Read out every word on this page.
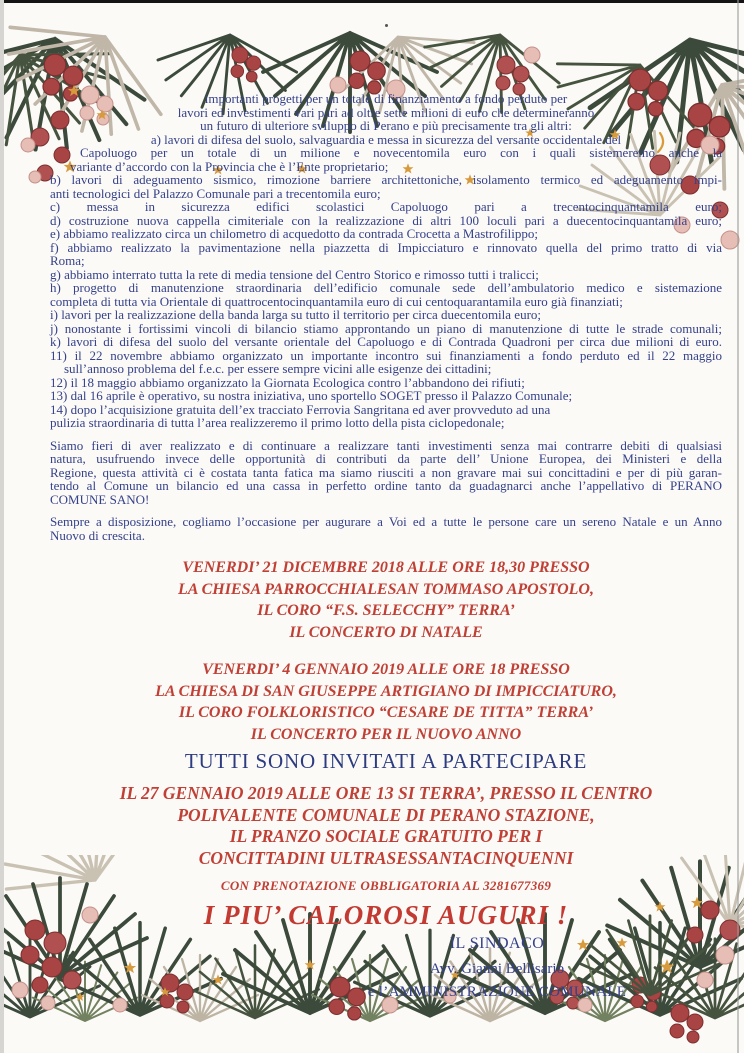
importanti progetti per un totale di finanziamento a fondo perduto per
lavori ed investimenti vari pari ad oltre sette milioni di euro che determineranno
un futuro di ulteriore sviluppo di Perano e più precisamente tra gli altri:
a) lavori di difesa del suolo, salvaguardia e messa in sicurezza del versante occidentale del
Capoluogo per un totale di un milione e novecentomila euro con i quali sistemeremo anche la
variante d’accordo con la Provincia che è l’Ente proprietario;
b) lavori di adeguamento sismico, rimozione barriere architettoniche, isolamento termico ed adeguamento impi-
anti tecnologici del Palazzo Comunale pari a trecentomila euro;
c) messa in sicurezza edifici scolastici Capoluogo pari a trecentocinquantamila euro;
d) costruzione nuova cappella cimiteriale con la realizzazione di altri 100 loculi pari a duecentocinquantamila euro;
e) abbiamo realizzato circa un chilometro di acquedotto da contrada Crocetta a Mastrofilippo;
f) abbiamo realizzato la pavimentazione nella piazzetta di Impicciaturo e rinnovato quella del primo tratto di via
Roma;
g) abbiamo interrato tutta la rete di media tensione del Centro Storico e rimosso tutti i tralicci;
h) progetto di manutenzione straordinaria dell’edificio comunale sede dell’ambulatorio medico e sistemazione
completa di tutta via Orientale di quattrocentocinquantamila euro di cui centoquarantamila euro già finanziati;
i) lavori per la realizzazione della banda larga su tutto il territorio per circa duecentomila euro;
j) nonostante i fortissimi vincoli di bilancio stiamo approntando un piano di manutenzione di tutte le strade comunali;
k) lavori di difesa del suolo del versante orientale del Capoluogo e di Contrada Quadroni per circa due milioni di euro.
11) il 22 novembre abbiamo organizzato un importante incontro sui finanziamenti a fondo perduto ed il 22 maggio
sull’annoso problema del f.e.c. per essere sempre vicini alle esigenze dei cittadini;
12) il 18 maggio abbiamo organizzato la Giornata Ecologica contro l’abbandono dei rifiuti;
13) dal 16 aprile è operativo, su nostra iniziativa, uno sportello SOGET presso il Palazzo Comunale;
14) dopo l’acquisizione gratuita dell’ex tracciato Ferrovia Sangritana ed aver provveduto ad una
pulizia straordinaria di tutta l’area realizzeremo il primo lotto della pista ciclopedonale;
Siamo fieri di aver realizzato e di continuare a realizzare tanti investimenti senza mai contrarre debiti di qualsiasi
natura, usufruendo invece delle opportunità di contributi da parte dell’ Unione Europea, dei Ministeri e della
Regione, questa attività ci è costata tanta fatica ma siamo riusciti a non gravare mai sui concittadini e per di più garan-
tendo al Comune un bilancio ed una cassa in perfetto ordine tanto da guadagnarci anche l’appellativo di PERANO
COMUNE SANO!
Sempre a disposizione, cogliamo l’occasione per augurare a Voi ed a tutte le persone care un sereno Natale e un Anno
Nuovo di crescita.
VENERDI’ 21 DICEMBRE 2018 ALLE ORE 18,30 PRESSO
LA CHIESA PARROCCHIALESAN TOMMASO APOSTOLO,
IL CORO “F.S. SELECCHY” TERRA’
IL CONCERTO DI NATALE
VENERDI’ 4 GENNAIO 2019 ALLE ORE 18 PRESSO
LA CHIESA DI SAN GIUSEPPE ARTIGIANO DI IMPICCIATURO,
IL CORO FOLKLORISTICO “CESARE DE TITTA” TERRA’
IL CONCERTO PER IL NUOVO ANNO
TUTTI SONO INVITATI A PARTECIPARE
IL 27 GENNAIO 2019 ALLE ORE 13 SI TERRA’, PRESSO IL CENTRO
POLIVALENTE COMUNALE DI PERANO STAZIONE,
IL PRANZO SOCIALE GRATUITO PER I
CONCITTADINI ULTRASESSANTACINQUENNI
CON PRENOTAZIONE OBBLIGATORIA AL 3281677369
I PIU’ CALOROSI AUGURI !
IL SINDACO
Avv. Gianni Bellisario
e l’AMMINISTRAZIONE COMUNALE
